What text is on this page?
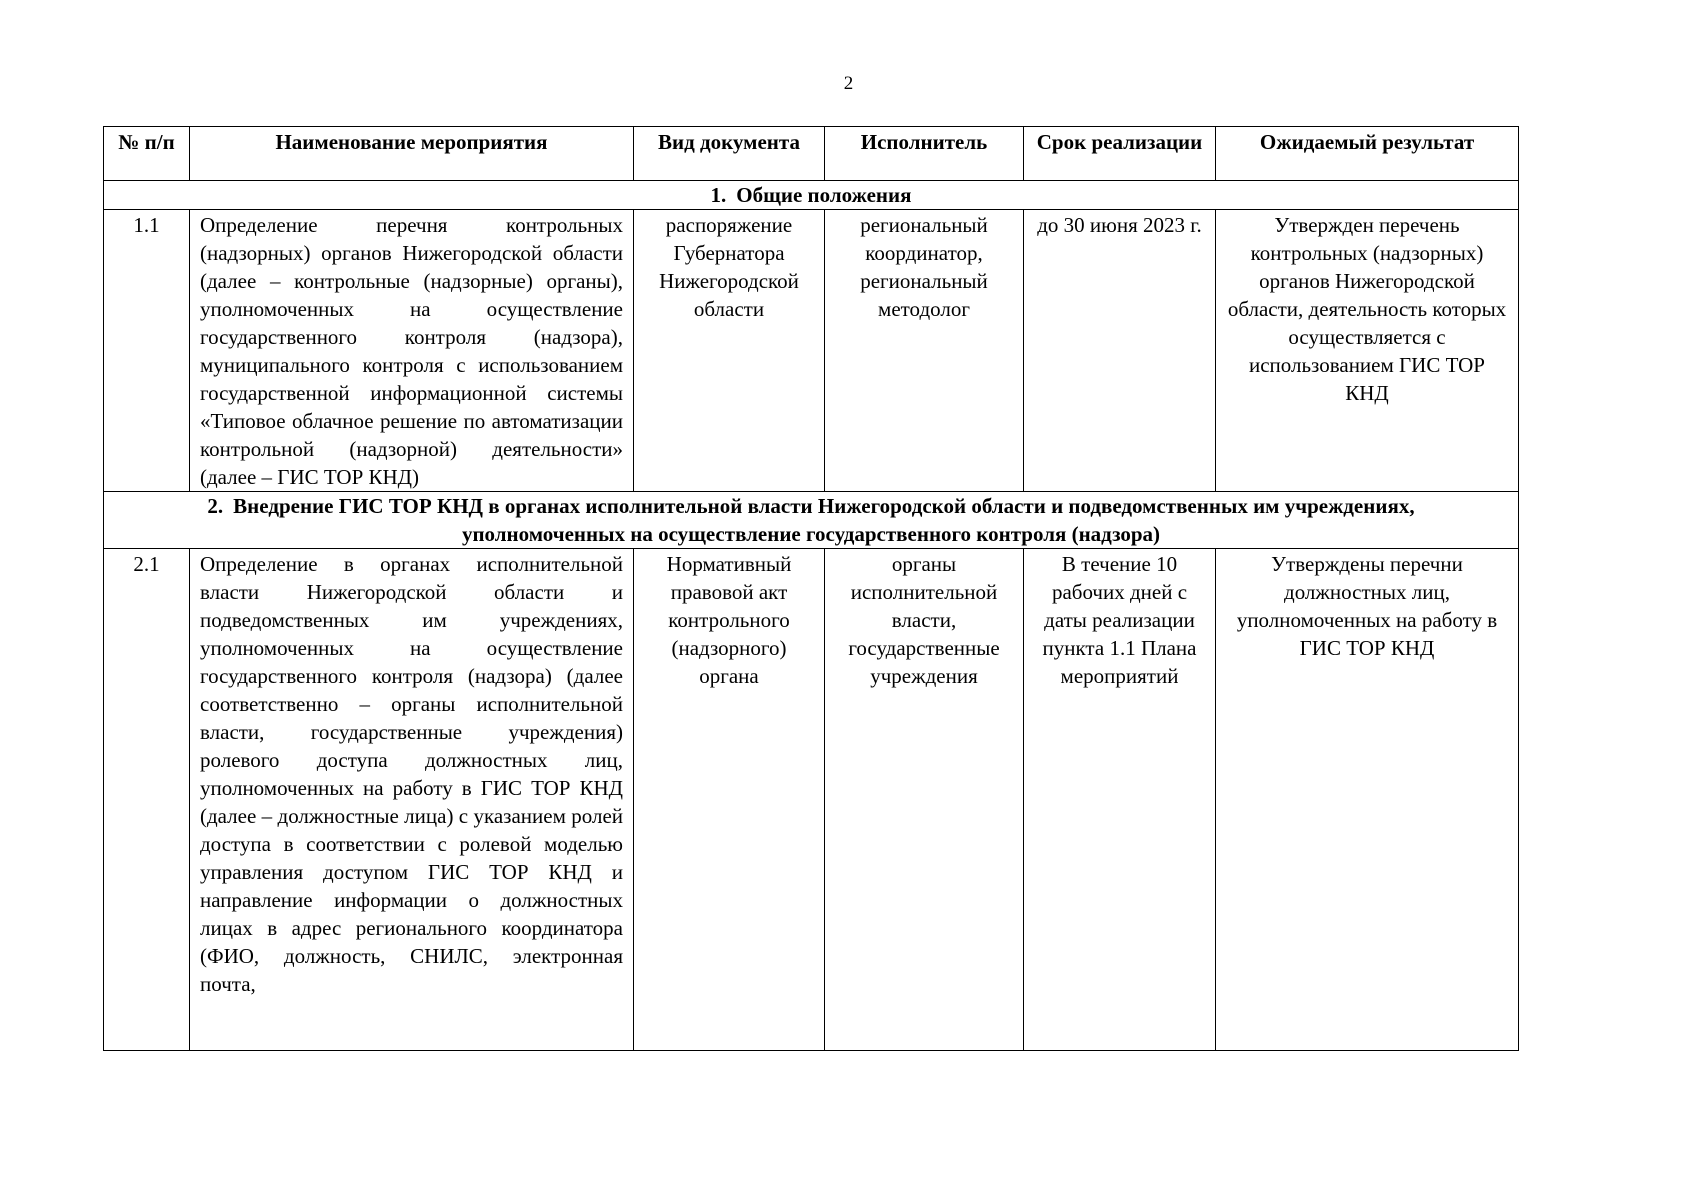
2
№ п/п	Наименование мероприятия	Вид документа	Исполнитель	Срок реализации	Ожидаемый результат
1. Общие положения					
1.1	Определение перечня контрольных (надзорных) органов Нижегородской области (далее – контрольные (надзорные) органы), уполномоченных на осуществление государственного контроля (надзора), муниципального контроля с использованием государственной информационной системы «Типовое облачное решение по автоматизации контрольной (надзорной) деятельности» (далее – ГИС ТОР КНД)	распоряжение Губернатора Нижегородской области	региональный координатор, региональный методолог	до 30 июня 2023 г.	Утвержден перечень контрольных (надзорных) органов Нижегородской области, деятельность которых осуществляется с использованием ГИС ТОР КНД
2. Внедрение ГИС ТОР КНД в органах исполнительной власти Нижегородской области и подведомственных им учреждениях, уполномоченных на осуществление государственного контроля (надзора)					
2.1	Определение в органах исполнительной власти Нижегородской области и подведомственных им учреждениях, уполномоченных на осуществление государственного контроля (надзора) (далее соответственно – органы исполнительной власти, государственные учреждения) ролевого доступа должностных лиц, уполномоченных на работу в ГИС ТОР КНД (далее – должностные лица) с указанием ролей доступа в соответствии с ролевой моделью управления доступом ГИС ТОР КНД и направление информации о должностных лицах в адрес регионального координатора (ФИО, должность, СНИЛС, электронная почта,	Нормативный правовой акт контрольного (надзорного) органа	органы исполнительной власти, государственные учреждения	В течение 10 рабочих дней с даты реализации пункта 1.1 Плана мероприятий	Утверждены перечни должностных лиц, уполномоченных на работу в ГИС ТОР КНД
